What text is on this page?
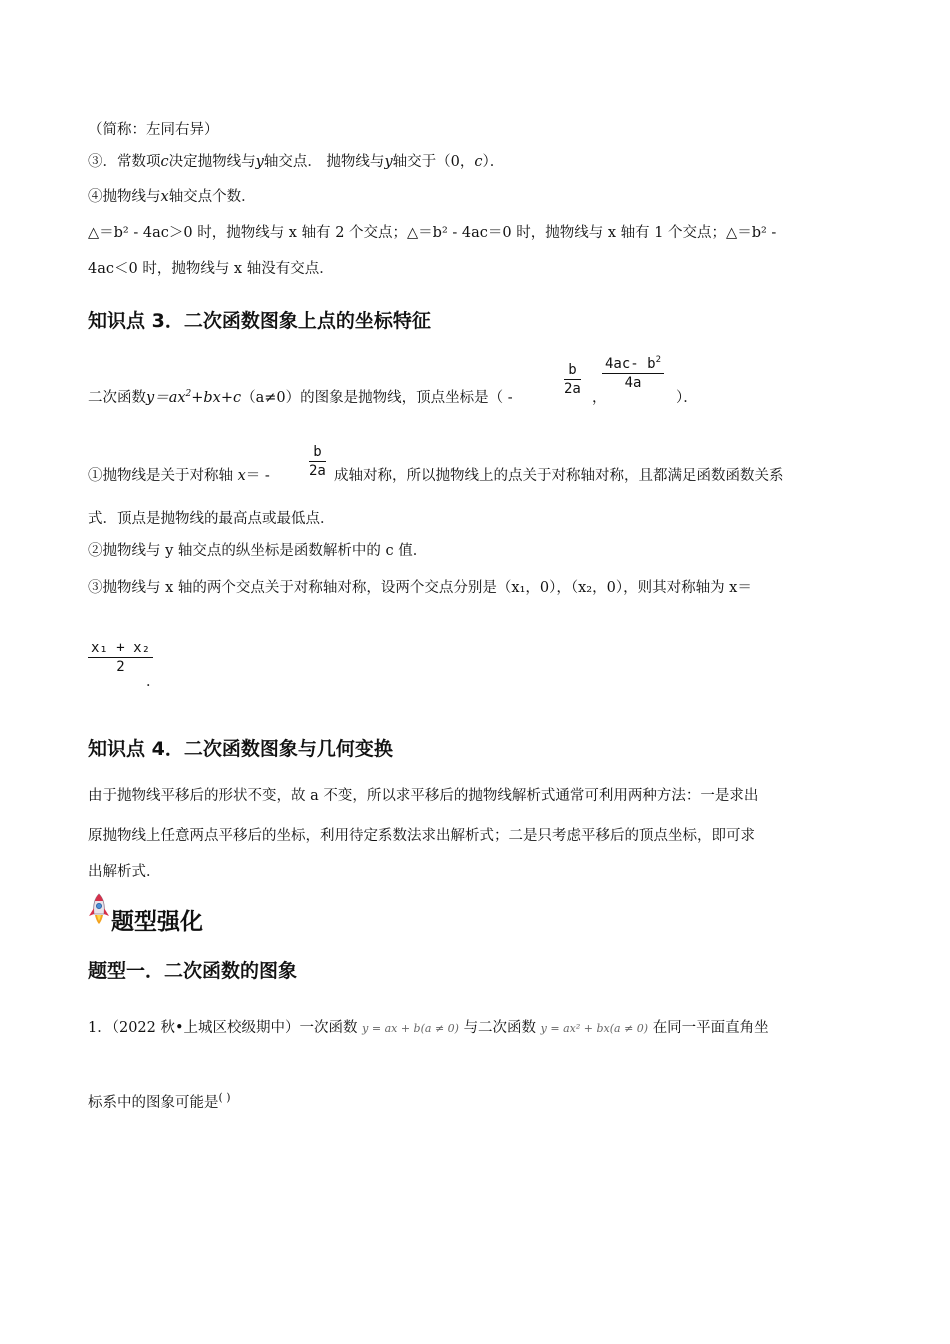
（简称：左同右异）
③．常数项c决定抛物线与y轴交点． 抛物线与y轴交于（0，c）．
④抛物线与x轴交点个数．
△＝b² - 4ac＞0 时，抛物线与 x 轴有 2 个交点；△＝b² - 4ac＝0 时，抛物线与 x 轴有 1 个交点；△＝b² -
4ac＜0 时，抛物线与 x 轴没有交点．
知识点 3．二次函数图象上点的坐标特征
二次函数$y=ax^2+bx+c(a\ne 0)$的图象是抛物线，顶点坐标是（ -
$\frac{b}{2a}$
，
$\frac{4ac- b^2}{4a}$
）．
①抛物线是关于对称轴 x＝ -	$\frac{b}{2a}$ 成轴对称，所以抛物线上的点关于对称轴对称，且都满足函数函数关系
式．顶点是抛物线的最高点或最低点．
②抛物线与 y 轴交点的纵坐标是函数解析中的 c 值．
③抛物线与 x 轴的两个交点关于对称轴对称，设两个交点分别是（x₁，0），（x₂，0），则其对称轴为 x＝
$\frac{\text{x₁ + x₂}}{2}$
．
知识点 4．二次函数图象与几何变换
由于抛物线平移后的形状不变，故 a 不变，所以求平移后的抛物线解析式通常可利用两种方法：一是求出
原抛物线上任意两点平移后的坐标，利用待定系数法求出解析式；二是只考虑平移后的顶点坐标，即可求
出解析式．
题型强化
题型一．二次函数的图象
1．（2022 秋•上城区校级期中）一次函数 y = ax + b(a ≠ 0) 与二次函数 y = ax² + bx(a ≠ 0) 在同一平面直角坐
标系中的图象可能是( )
